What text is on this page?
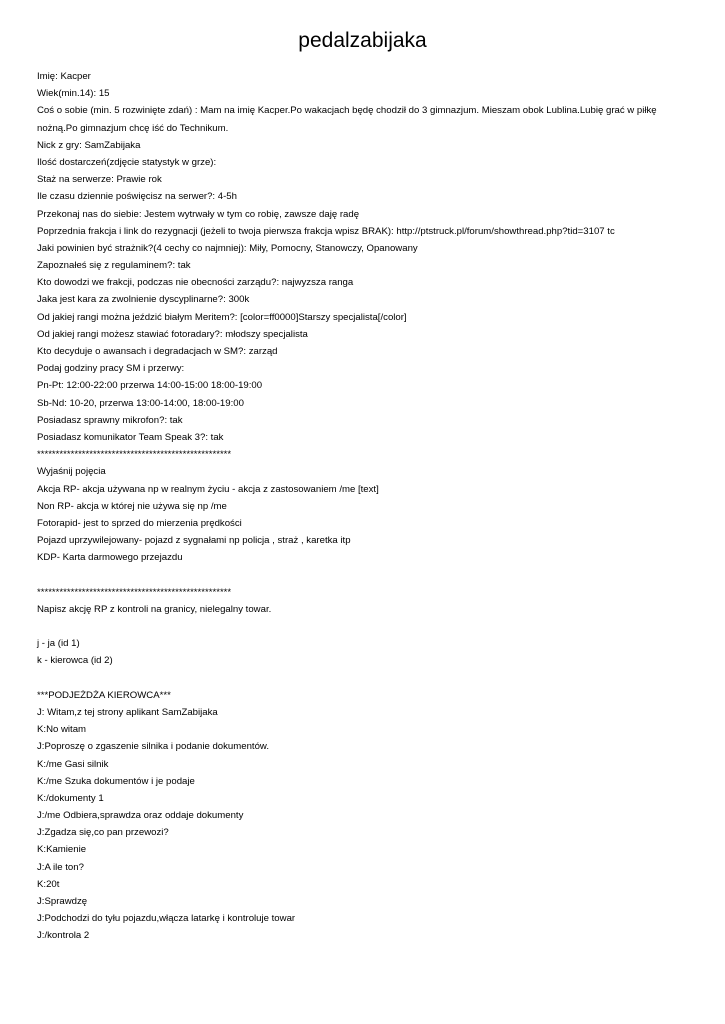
pedalzabijaka
Imię: Kacper
Wiek(min.14): 15
Coś o sobie (min. 5 rozwinięte zdań) : Mam na imię Kacper.Po wakacjach będę chodził do 3 gimnazjum. Mieszam obok Lublina.Lubię grać w piłkę
nożną.Po gimnazjum chcę iść do Technikum.
Nick z gry: SamZabijaka
Ilość dostarczeń(zdjęcie statystyk w grze):
Staż na serwerze: Prawie rok
Ile czasu dziennie poświęcisz na serwer?: 4-5h
Przekonaj nas do siebie: Jestem wytrwały w tym co robię, zawsze daję radę
Poprzednia frakcja i link do rezygnacji (jeżeli to twoja pierwsza frakcja wpisz BRAK): http://ptstruck.pl/forum/showthread.php?tid=3107 tc
Jaki powinien być strażnik?(4 cechy co najmniej): Miły, Pomocny, Stanowczy, Opanowany
Zapoznałeś się z regulaminem?: tak
Kto dowodzi we frakcji, podczas nie obecności zarządu?: najwyzsza ranga
Jaka jest kara za zwolnienie dyscyplinarne?: 300k
Od jakiej rangi można jeździć białym Meritem?: [color=ff0000]Starszy specjalista[/color]
Od jakiej rangi możesz stawiać fotoradary?: młodszy specjalista
Kto decyduje o awansach i degradacjach w SM?: zarząd
Podaj godziny pracy SM i przerwy:
Pn-Pt: 12:00-22:00 przerwa 14:00-15:00 18:00-19:00
Sb-Nd: 10-20, przerwa 13:00-14:00, 18:00-19:00
Posiadasz sprawny mikrofon?: tak
Posiadasz komunikator Team Speak 3?: tak
****************************************************
Wyjaśnij pojęcia
Akcja RP- akcja używana np w realnym życiu - akcja z zastosowaniem /me [text]
Non RP- akcja w której nie używa się np /me
Fotorapid- jest to sprzed do mierzenia prędkości
Pojazd uprzywilejowany- pojazd z sygnałami np policja , straż , karetka itp
KDP- Karta darmowego przejazdu
****************************************************
Napisz akcję RP z kontroli na granicy, nielegalny towar.
j - ja (id 1)
k - kierowca (id 2)
***PODJEŻDŻA KIEROWCA***
J: Witam,z tej strony aplikant SamZabijaka
K:No witam
J:Poproszę o zgaszenie silnika i podanie dokumentów.
K:/me Gasi silnik
K:/me Szuka dokumentów i je podaje
K:/dokumenty 1
J:/me Odbiera,sprawdza oraz oddaje dokumenty
J:Zgadza się,co pan przewozi?
K:Kamienie
J:A ile ton?
K:20t
J:Sprawdzę
J:Podchodzi do tyłu pojazdu,włącza latarkę i kontroluje towar
J:/kontrola 2
